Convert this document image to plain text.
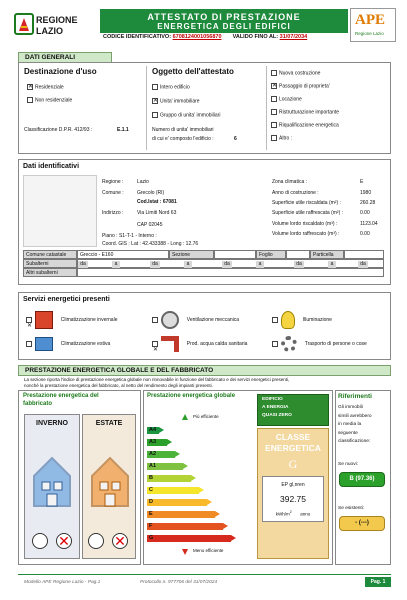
REGIONE
LAZIO
ATTESTATO DI PRESTAZIONE
ENERGETICA DEGLI EDIFICI
CODICE IDENTIFICATIVO: 6708124001056870 VALIDO FINO AL: 31/07/2034
APE
Regione Lazio
DATI GENERALI
Destinazione d'uso
✕Residenziale
Non residenziale
Classificazione D.P.R. 412/93 :	E.1.1
Oggetto dell'attestato
Intero edificio
✕Unita' immobiliare
Gruppo di unita' immobiliari
Numero di unita' immobiliari
di cui e' composto l'edificio :	6
Nuova costruzione
✕Passaggio di proprieta'
Locazione
Ristrutturazione importante
Riqualificazione energetica
Altro :
Dati identificativi
Regione :	Lazio
Comune :	Grecolo (RI)
Cod.Istat : 67081
Indirizzo :	Via Limiti Nord 63
CAP 02045
Piano : S1-T-1 - Interno :
Coord. GIS : Lat : 42.433388 - Long : 12.76
Zona climatica :	E
Anno di costruzione :	1980
Superficie utile riscaldata (m²) :	260.28
Superficie utile raffrescata (m²) :	0.00
Volume lordo riscaldato (m³) :	1123.04
Volume lordo raffrescato (m³) :	0.00
Comune catastale	Greccio - E160	Sezione	Foglio	Particella
Subalterni	da	a	da	a	da	a	da	a	da
Altri subalterni
Servizi energetici presenti
✕  Climatizzazione invernale	Ventilazione meccanica	Illuminazione
Climatizzazione estiva
✕	Prod. acqua calda sanitaria	Trasporto di persone o cose
PRESTAZIONE ENERGETICA GLOBALE E DEL FABBRICATO
La sezione riporta l'indice di prestazione energetica globale non rinnovabile in funzione del fabbricato e dei servizi energetici presenti,
nonché la prestazione energetica del fabbricato, al netto del rendimento degli impianti presenti.
Prestazione energetica del
fabbricato
INVERNO
✕
ESTATE
✕
Prestazione energetica globale
Più efficiente
A4
A3
A2
A1
B
C
D
E
F
G
Meno efficiente
EDIFICIO
A ENERGIA
QUASI ZERO
CLASSE
ENERGETICA
G
EP gl,nren
392.75
kWh/$m^2$ anno
Riferimenti
Gli immobili
simili avrebbero
in media la
seguente
classificazione:
Se nuovi:
B (97.36)
Se esistenti:
- (---)
Modello APE Regione Lazio - Pag.1	Protocollo n. 977706 del 31/07/2024	Pag. 1
